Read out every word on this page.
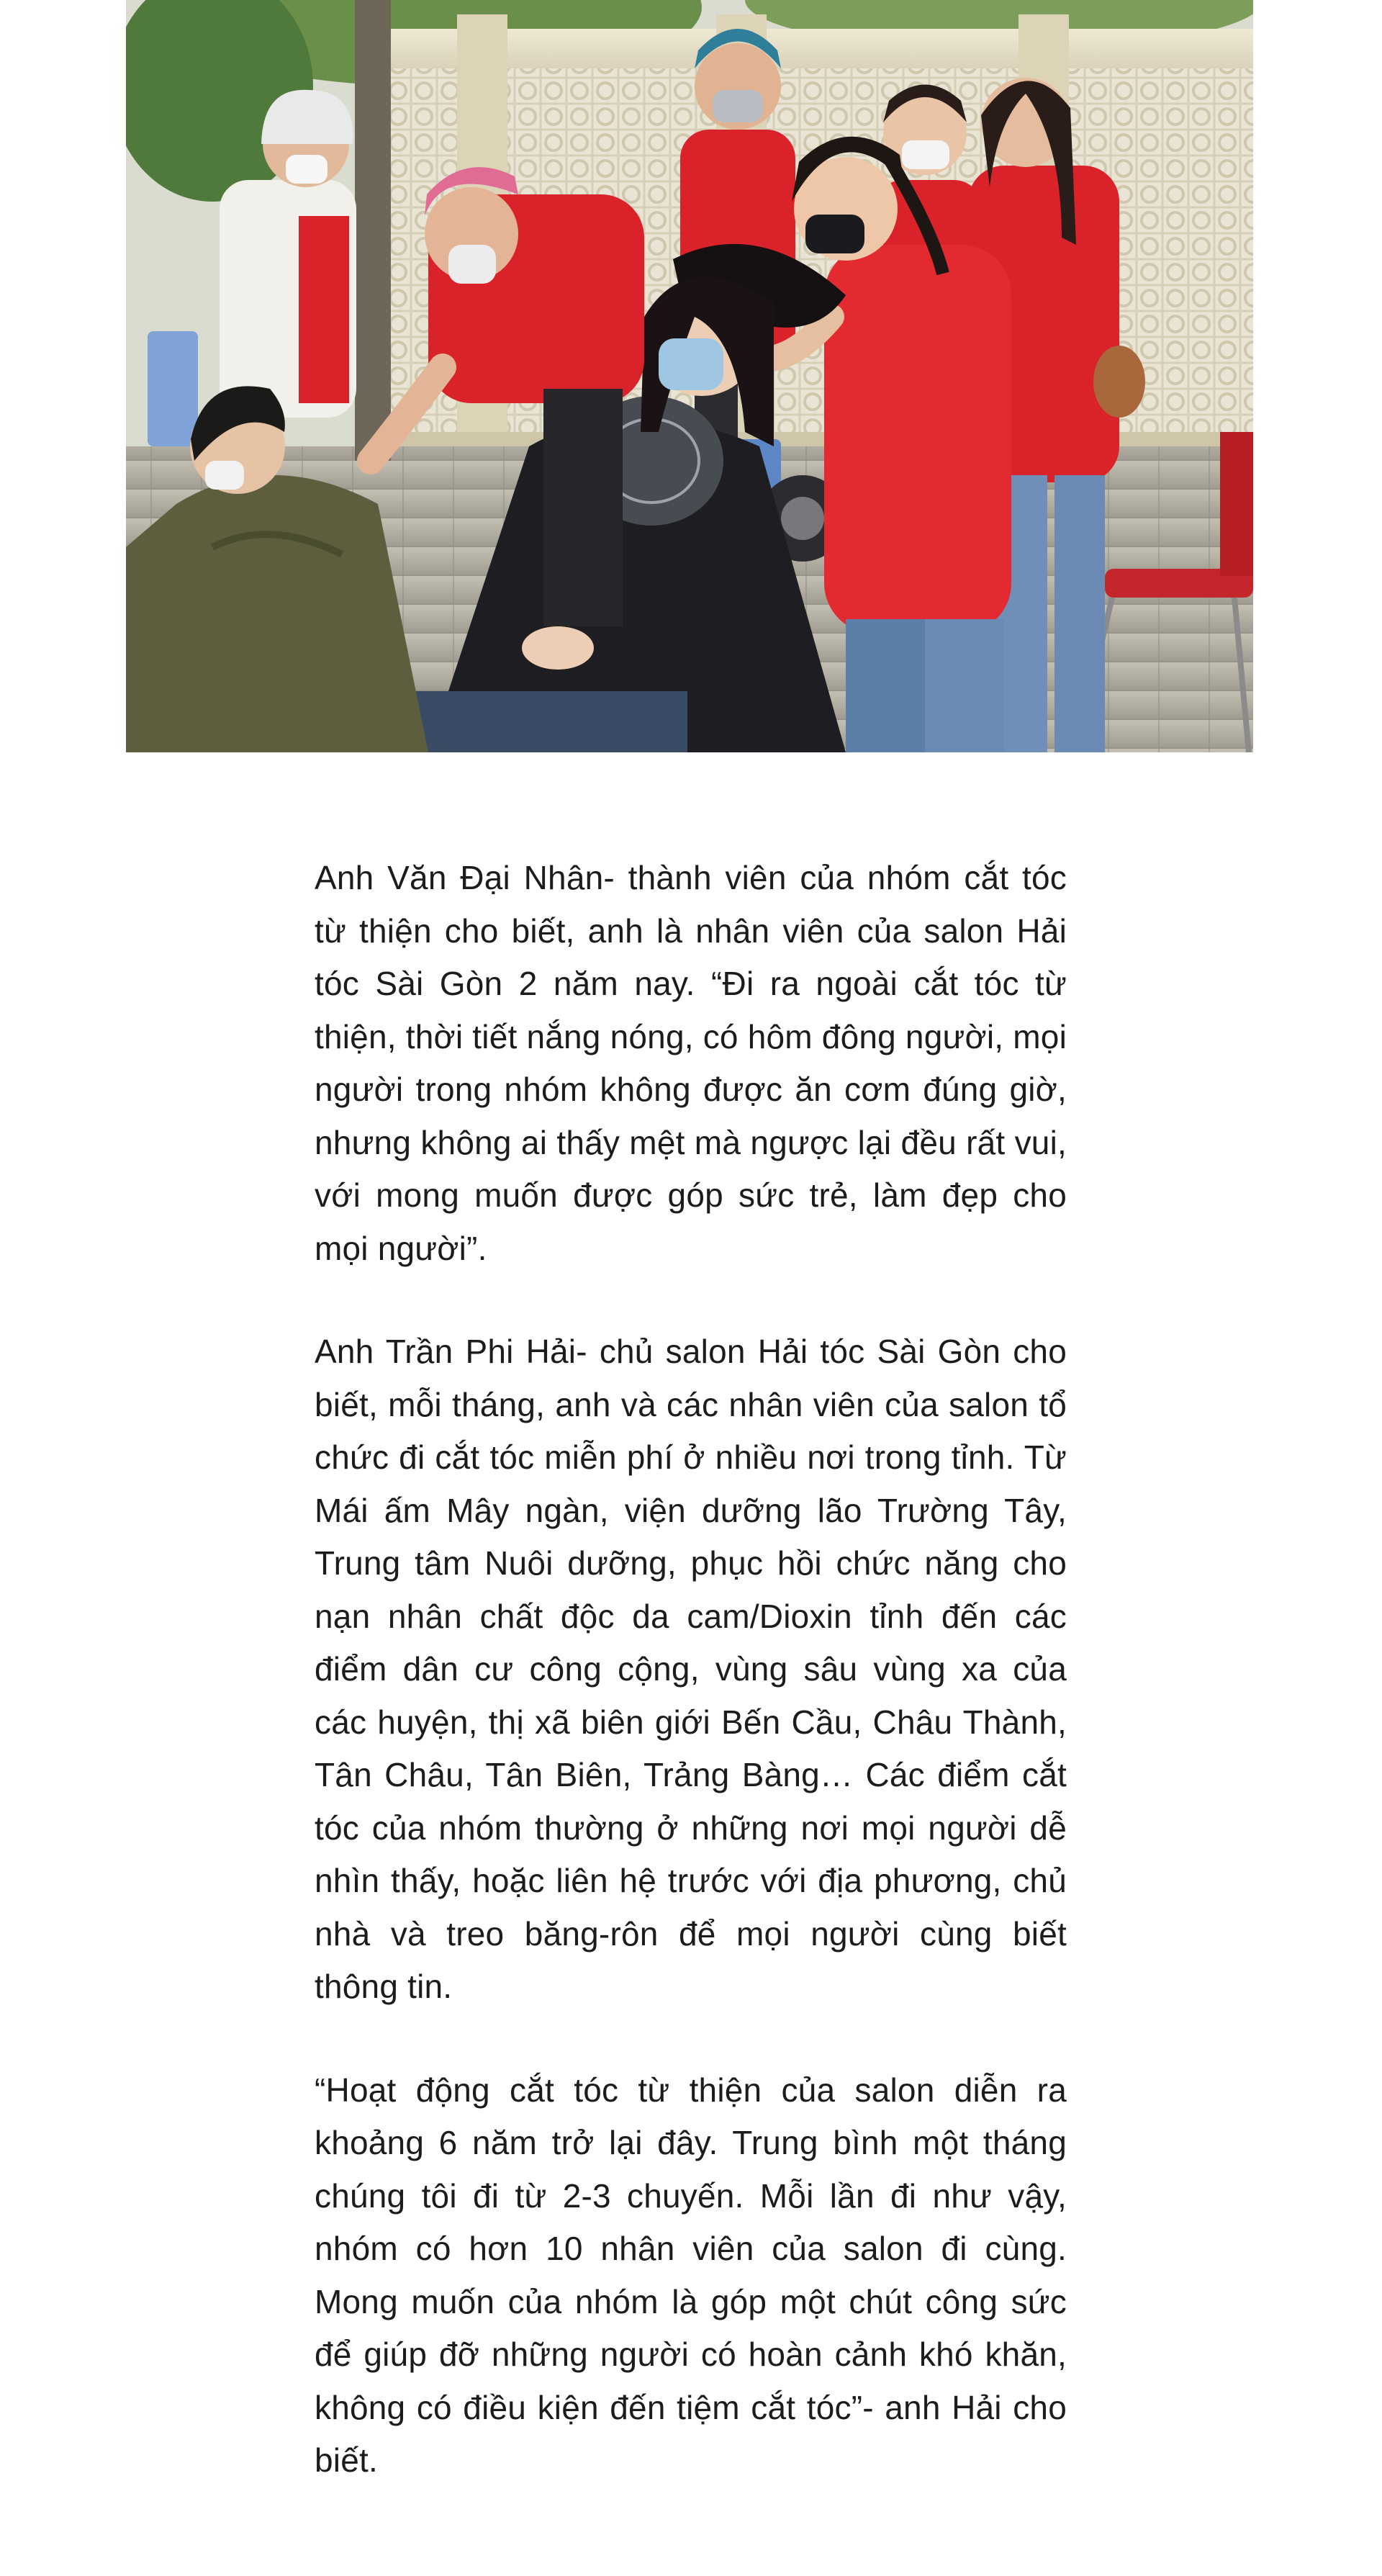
Anh Văn Đại Nhân- thành viên của nhóm cắt tóc từ thiện cho biết, anh là nhân viên của salon Hải tóc Sài Gòn 2 năm nay. “Đi ra ngoài cắt tóc từ thiện, thời tiết nắng nóng, có hôm đông người, mọi người trong nhóm không được ăn cơm đúng giờ, nhưng không ai thấy mệt mà ngược lại đều rất vui, với mong muốn được góp sức trẻ, làm đẹp cho mọi người”.

Anh Trần Phi Hải- chủ salon Hải tóc Sài Gòn cho biết, mỗi tháng, anh và các nhân viên của salon tổ chức đi cắt tóc miễn phí ở nhiều nơi trong tỉnh. Từ Mái ấm Mây ngàn, viện dưỡng lão Trường Tây, Trung tâm Nuôi dưỡng, phục hồi chức năng cho nạn nhân chất độc da cam/Dioxin tỉnh đến các điểm dân cư công cộng, vùng sâu vùng xa của các huyện, thị xã biên giới Bến Cầu, Châu Thành, Tân Châu, Tân Biên, Trảng Bàng… Các điểm cắt tóc của nhóm thường ở những nơi mọi người dễ nhìn thấy, hoặc liên hệ trước với địa phương, chủ nhà và treo băng-rôn để mọi người cùng biết thông tin.

“Hoạt động cắt tóc từ thiện của salon diễn ra khoảng 6 năm trở lại đây. Trung bình một tháng chúng tôi đi từ 2-3 chuyến. Mỗi lần đi như vậy, nhóm có hơn 10 nhân viên của salon đi cùng. Mong muốn của nhóm là góp một chút công sức để giúp đỡ những người có hoàn cảnh khó khăn, không có điều kiện đến tiệm cắt tóc”- anh Hải cho biết.
